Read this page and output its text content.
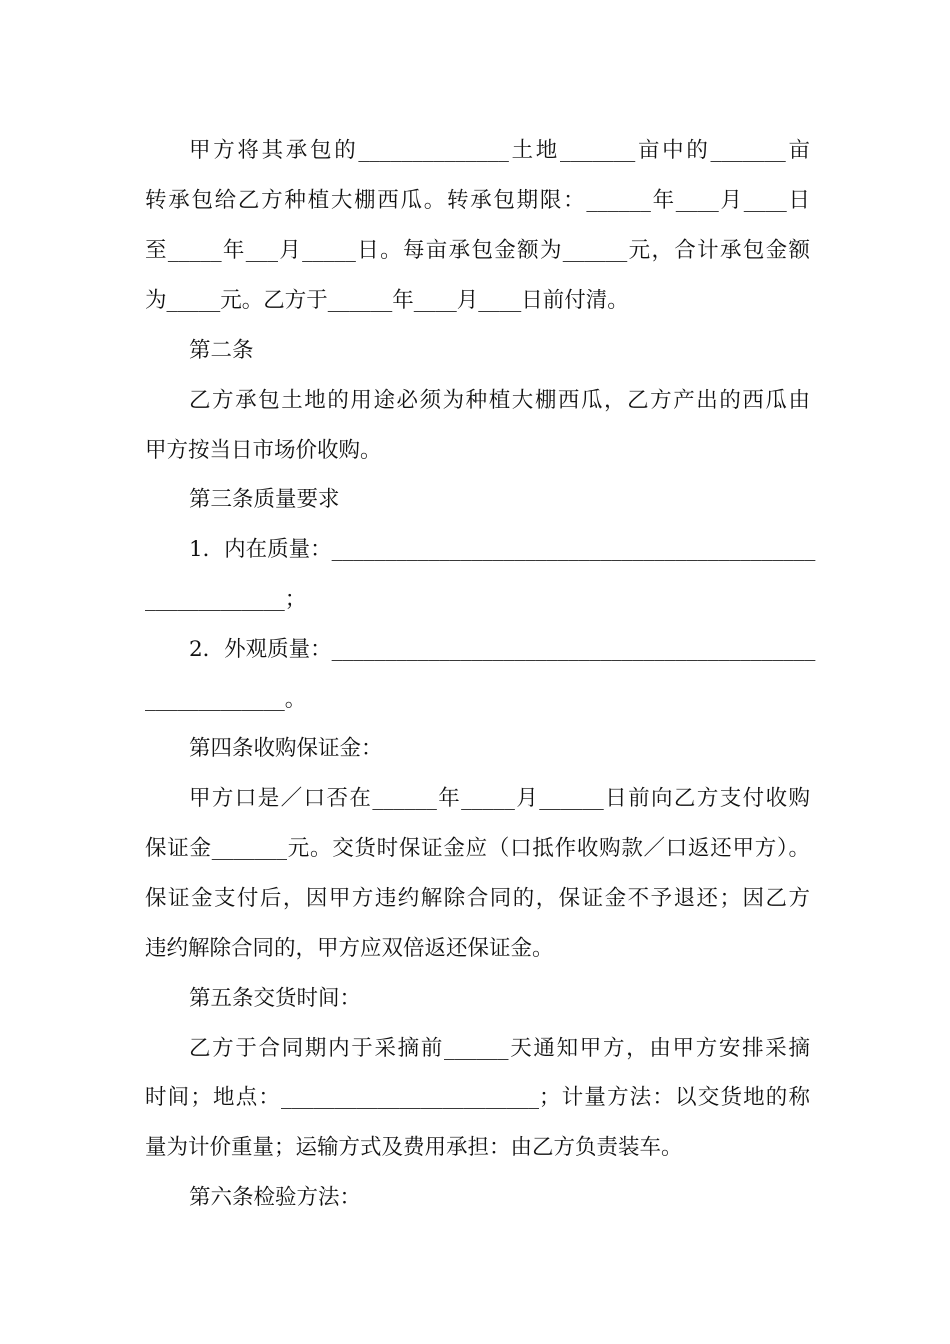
甲方将其承包的______________土地_______亩中的_______亩
转承包给乙方种植大棚西瓜。转承包期限：______年____月____日
至_____年___月_____日。每亩承包金额为______元，合计承包金额
为_____元。乙方于______年____月____日前付清。
第二条
乙方承包土地的用途必须为种植大棚西瓜，乙方产出的西瓜由
甲方按当日市场价收购。
第三条质量要求
1．内在质量：_____________________________________________
_____________；
2．外观质量：_____________________________________________
_____________。
第四条收购保证金：
甲方口是／口否在______年_____月______日前向乙方支付收购
保证金_______元。交货时保证金应（口抵作收购款／口返还甲方）。
保证金支付后，因甲方违约解除合同的，保证金不予退还；因乙方
违约解除合同的，甲方应双倍返还保证金。
第五条交货时间：
乙方于合同期内于采摘前______天通知甲方，由甲方安排采摘
时间；地点：________________________；计量方法：以交货地的称
量为计价重量；运输方式及费用承担：由乙方负责装车。
第六条检验方法：
